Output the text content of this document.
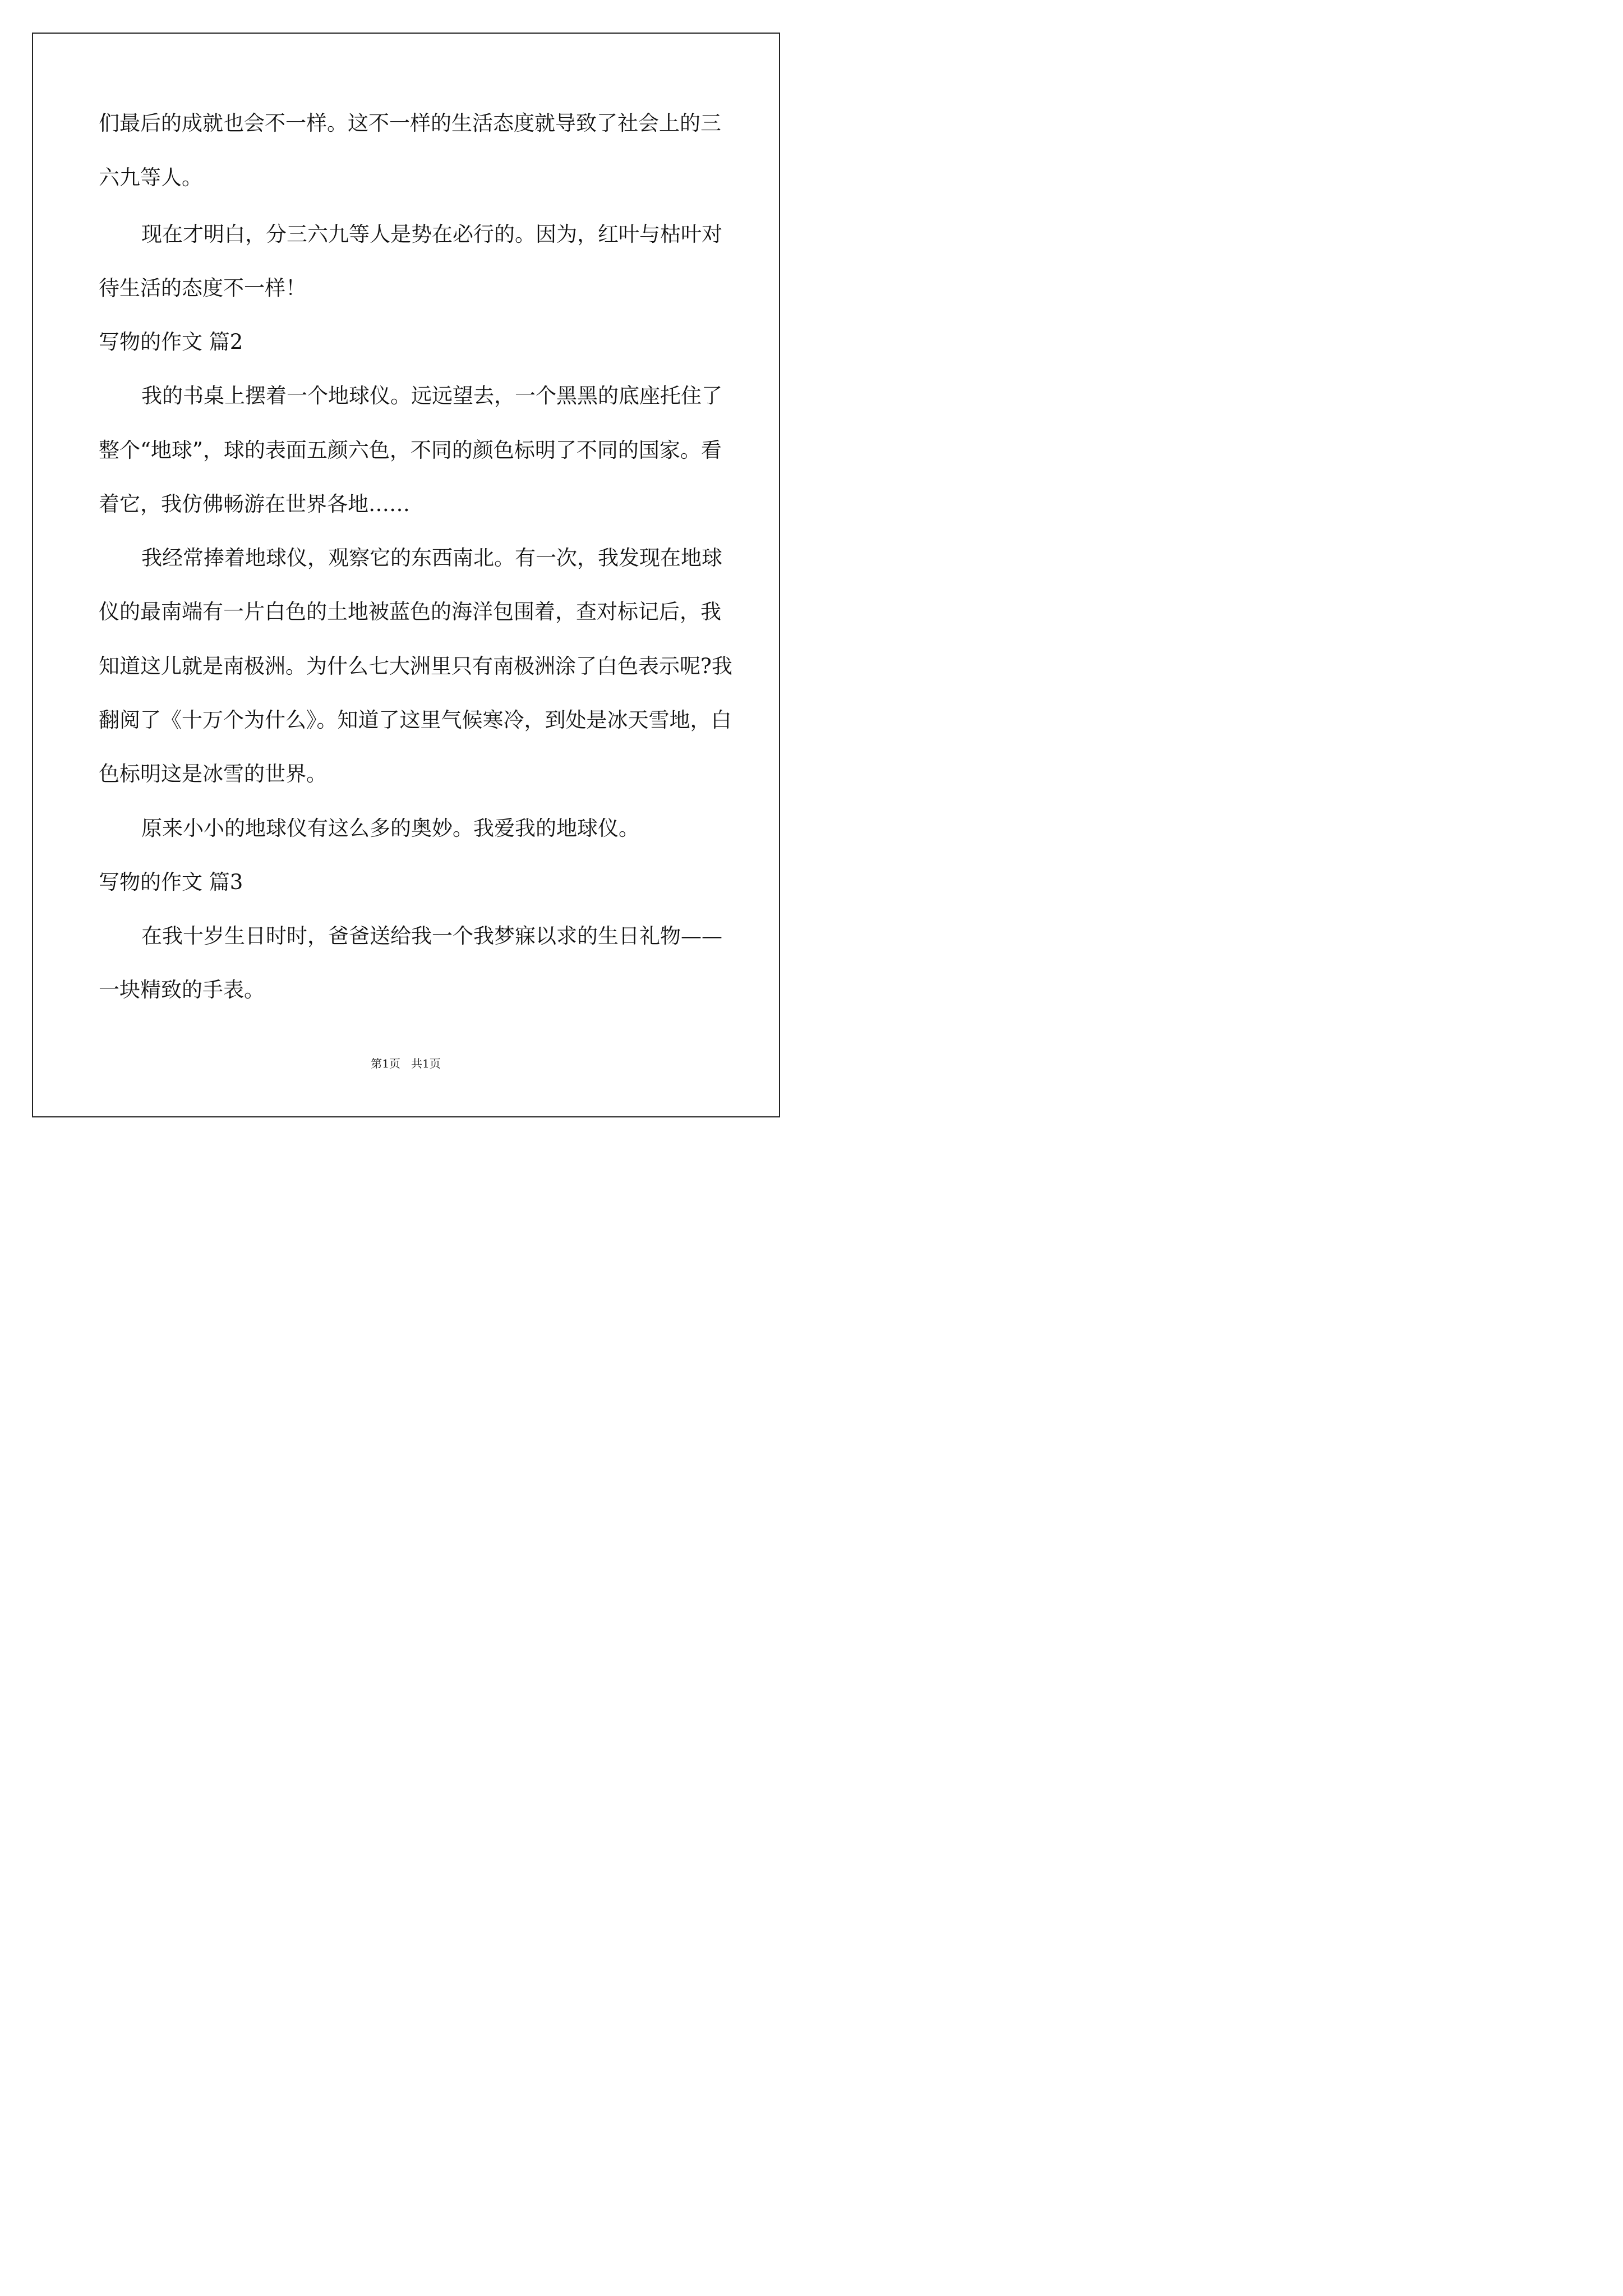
们最后的成就也会不一样。这不一样的生活态度就导致了社会上的三

六九等人。

现在才明白，分三六九等人是势在必行的。因为，红叶与枯叶对

待生活的态度不一样！

写物的作文 篇2

我的书桌上摆着一个地球仪。远远望去，一个黑黑的底座托住了

整个“地球”，球的表面五颜六色，不同的颜色标明了不同的国家。看

着它，我仿佛畅游在世界各地……

我经常捧着地球仪，观察它的东西南北。有一次，我发现在地球

仪的最南端有一片白色的土地被蓝色的海洋包围着，查对标记后，我

知道这儿就是南极洲。为什么七大洲里只有南极洲涂了白色表示呢?我

翻阅了《十万个为什么》。知道了这里气候寒冷，到处是冰天雪地，白

色标明这是冰雪的世界。

原来小小的地球仪有这么多的奥妙。我爱我的地球仪。

写物的作文 篇3

在我十岁生日时时，爸爸送给我一个我梦寐以求的生日礼物——

一块精致的手表。

第1页   共1页
